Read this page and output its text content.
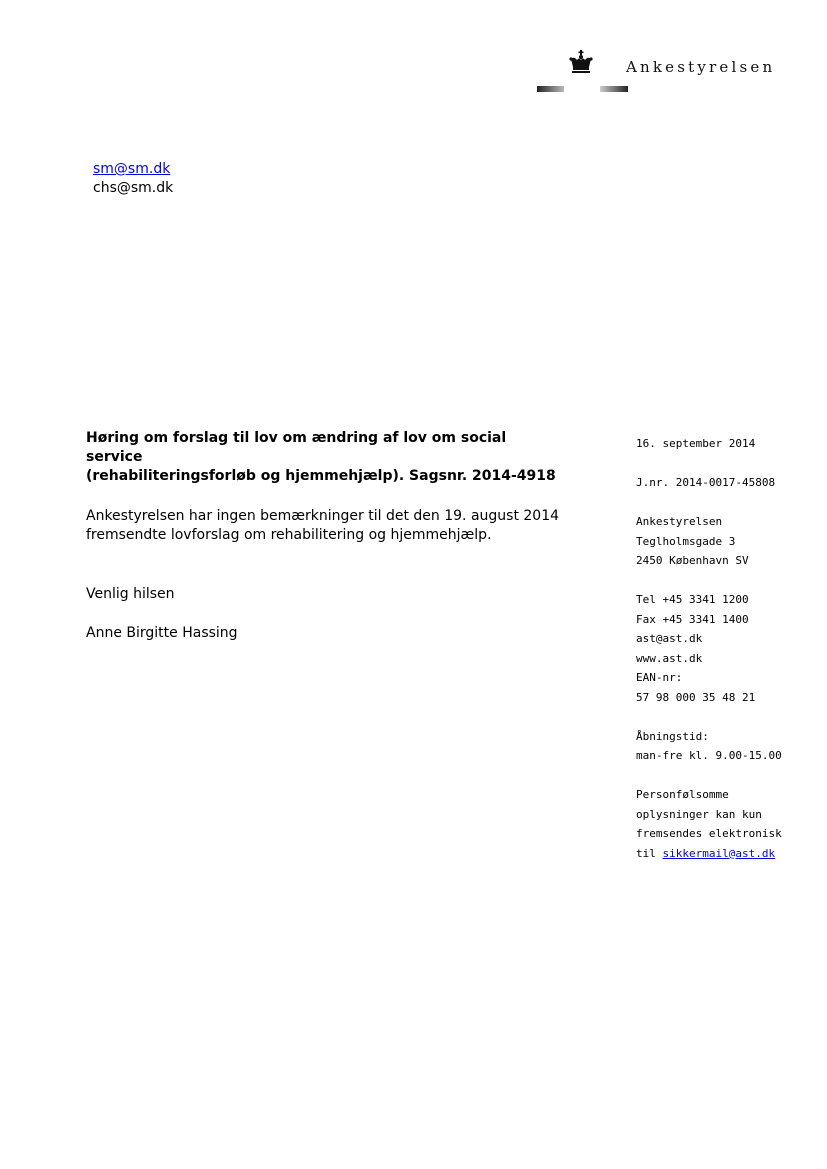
Ankestyrelsen
sm@sm.dk
chs@sm.dk
Høring om forslag til lov om ændring af lov om social service
(rehabiliteringsforløb og hjemmehjælp). Sagsnr. 2014-4918
Ankestyrelsen har ingen bemærkninger til det den 19. august 2014
fremsendte lovforslag om rehabilitering og hjemmehjælp.
Venlig hilsen
Anne Birgitte Hassing
16. september 2014
J.nr. 2014-0017-45808
Ankestyrelsen
Teglholmsgade 3
2450 København SV
Tel +45 3341 1200
Fax +45 3341 1400
ast@ast.dk
www.ast.dk
EAN-nr:
57 98 000 35 48 21
Åbningstid:
man-fre kl. 9.00-15.00
Personfølsomme
oplysninger kan kun
fremsendes elektronisk
til sikkermail@ast.dk
